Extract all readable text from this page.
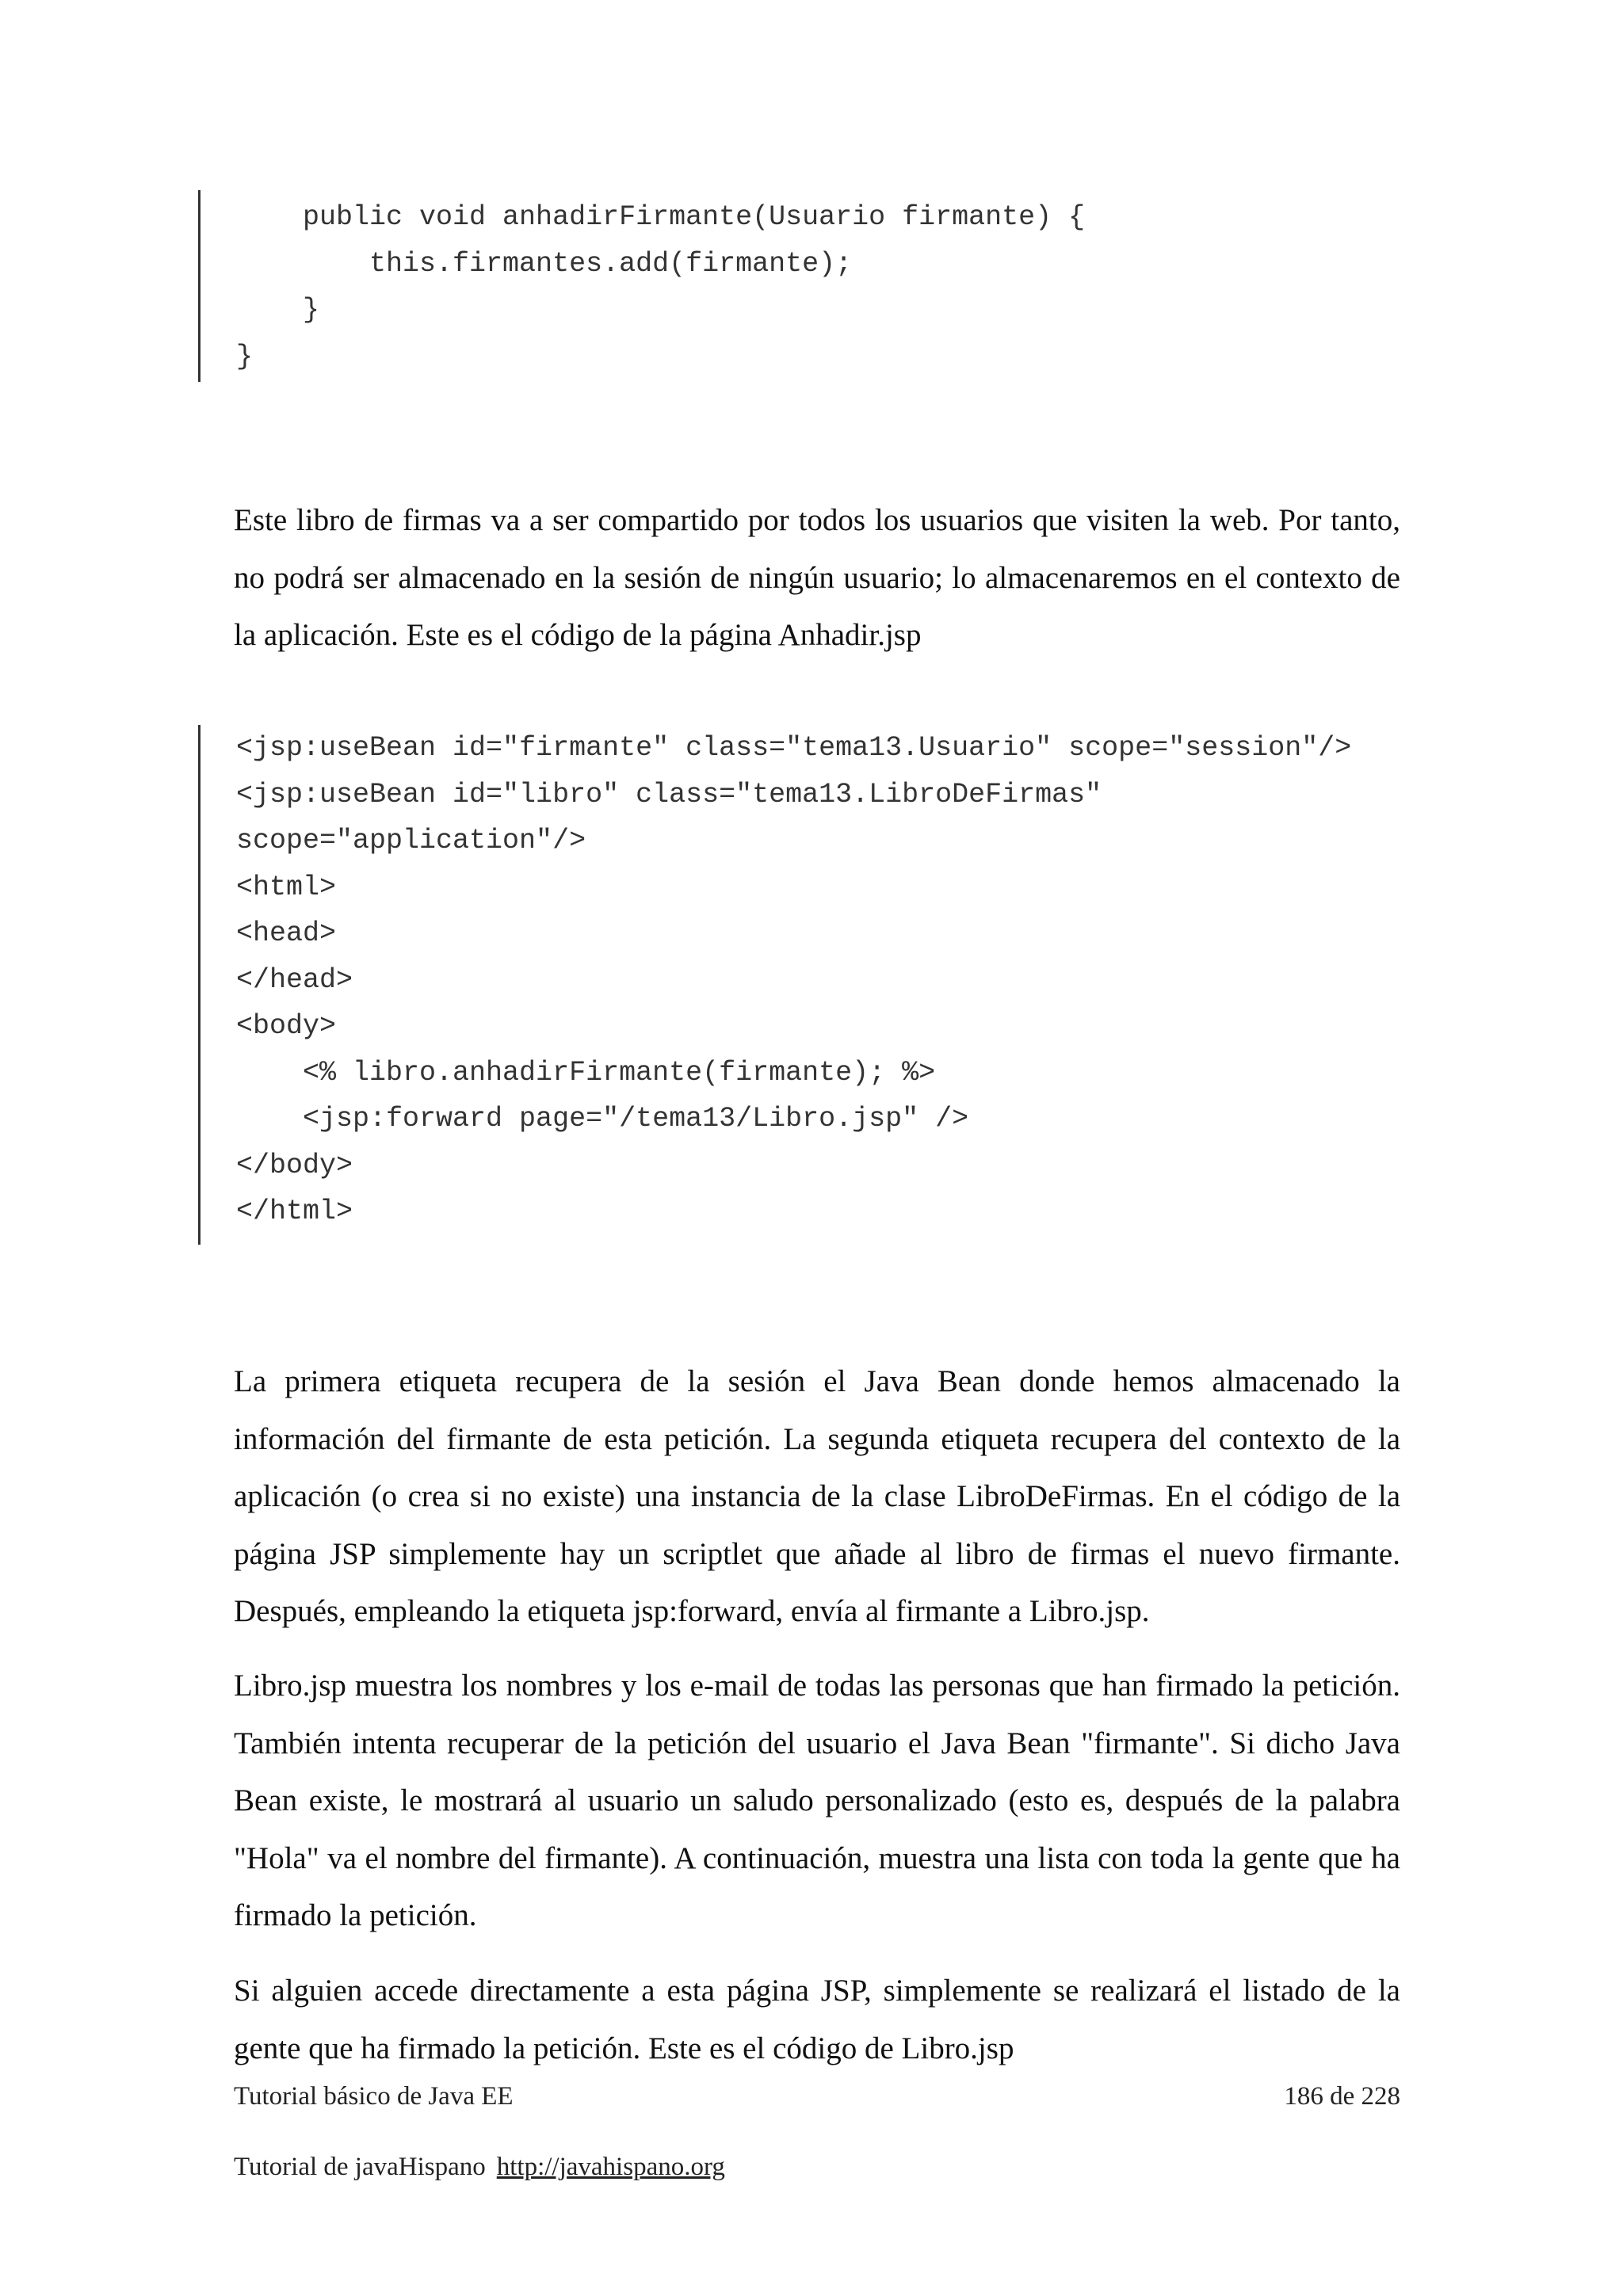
public void anhadirFirmante(Usuario firmante) {
this.firmantes.add(firmante);
}
}

Este libro de firmas va a ser compartido por todos los usuarios que visiten la web. Por tanto, no podrá ser almacenado en la sesión de ningún usuario; lo almacenaremos en el contexto de la aplicación. Este es el código de la página Anhadir.jsp

<jsp:useBean id="firmante" class="tema13.Usuario" scope="session"/>
<jsp:useBean id="libro" class="tema13.LibroDeFirmas"
scope="application"/>
<html>
<head>
</head>
<body>
<% libro.anhadirFirmante(firmante); %>
<jsp:forward page="/tema13/Libro.jsp" />
</body>
</html>

La primera etiqueta recupera de la sesión el Java Bean donde hemos almacenado la información del firmante de esta petición. La segunda etiqueta recupera del contexto de la aplicación (o crea si no existe) una instancia de la clase LibroDeFirmas. En el código de la página JSP simplemente hay un scriptlet que añade al libro de firmas el nuevo firmante. Después, empleando la etiqueta jsp:forward, envía al firmante a Libro.jsp.

Libro.jsp muestra los nombres y los e-mail de todas las personas que han firmado la petición. También intenta recuperar de la petición del usuario el Java Bean "firmante". Si dicho Java Bean existe, le mostrará al usuario un saludo personalizado (esto es, después de la palabra "Hola" va el nombre del firmante). A continuación, muestra una lista con toda la gente que ha firmado la petición.

Si alguien accede directamente a esta página JSP, simplemente se realizará el listado de la gente que ha firmado la petición. Este es el código de Libro.jsp

Tutorial básico de Java EE	186 de 228
Tutorial de javaHispano http://javahispano.org
